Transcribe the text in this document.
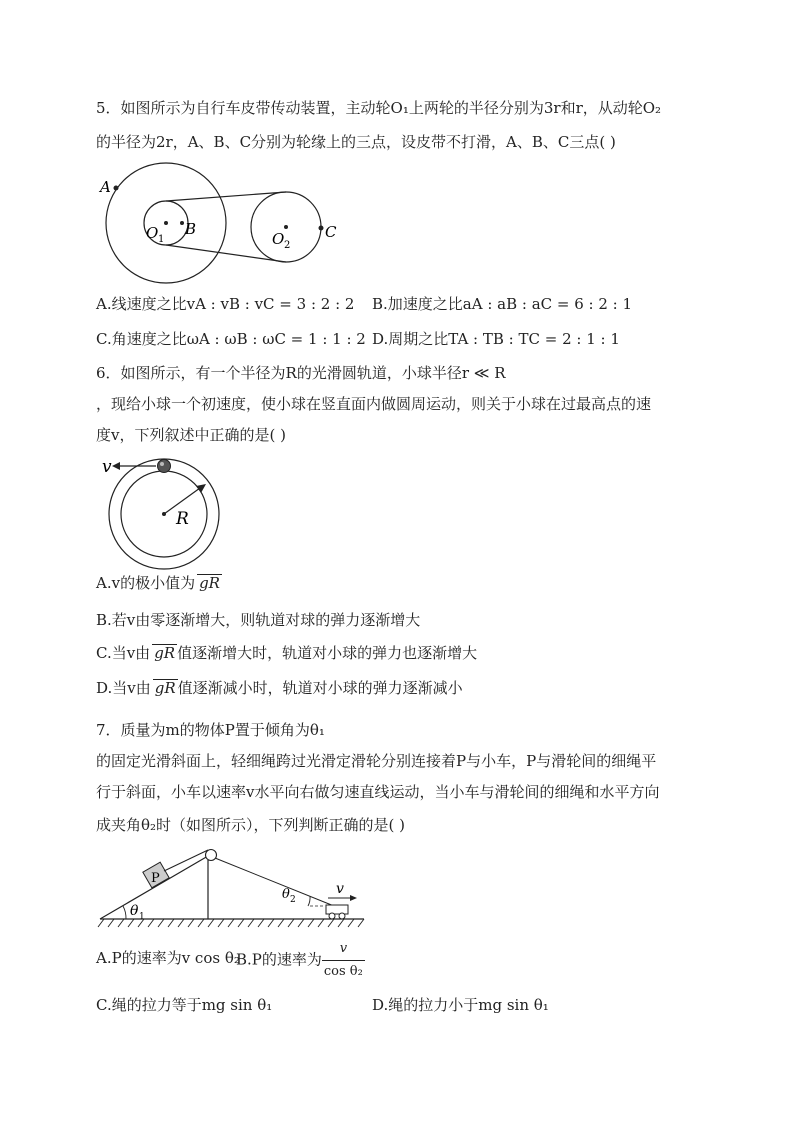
5．如图所示为自行车皮带传动装置，主动轮O₁上两轮的半径分别为3r和r，从动轮O₂
的半径为2r，A、B、C分别为轮缘上的三点，设皮带不打滑，A、B、C三点( )
A
B	C
O 1	O 2
A.线速度之比vA : vB : vC = 3 : 2 : 2 B.加速度之比aA : aB : aC = 6 : 2 : 1
C.角速度之比ωA : ωB : ωC = 1 : 1 : 2 D.周期之比TA : TB : TC = 2 : 1 : 1
6．如图所示，有一个半径为R的光滑圆轨道，小球半径r ≪ R
，现给小球一个初速度，使小球在竖直面内做圆周运动，则关于小球在过最高点的速
度v，下列叙述中正确的是( )
v
R
A.v的极小值为 gR
B.若v由零逐渐增大，则轨道对球的弹力逐渐增大
C.当v由 gR 值逐渐增大时，轨道对小球的弹力也逐渐增大
D.当v由 gR 值逐渐减小时，轨道对小球的弹力逐渐减小
7．质量为m的物体P置于倾角为θ₁
的固定光滑斜面上，轻细绳跨过光滑定滑轮分别连接着P与小车，P与滑轮间的细绳平
行于斜面，小车以速率v水平向右做匀速直线运动，当小车与滑轮间的细绳和水平方向
成夹角θ₂时（如图所示），下列判断正确的是( )
P
θ 1
θ 2
v
A.P的速率为v cos θ₂
B.P的速率为 $\frac{v}{\text{cos θ₂}}$
C.绳的拉力等于mg sin θ₁	D.绳的拉力小于mg sin θ₁
